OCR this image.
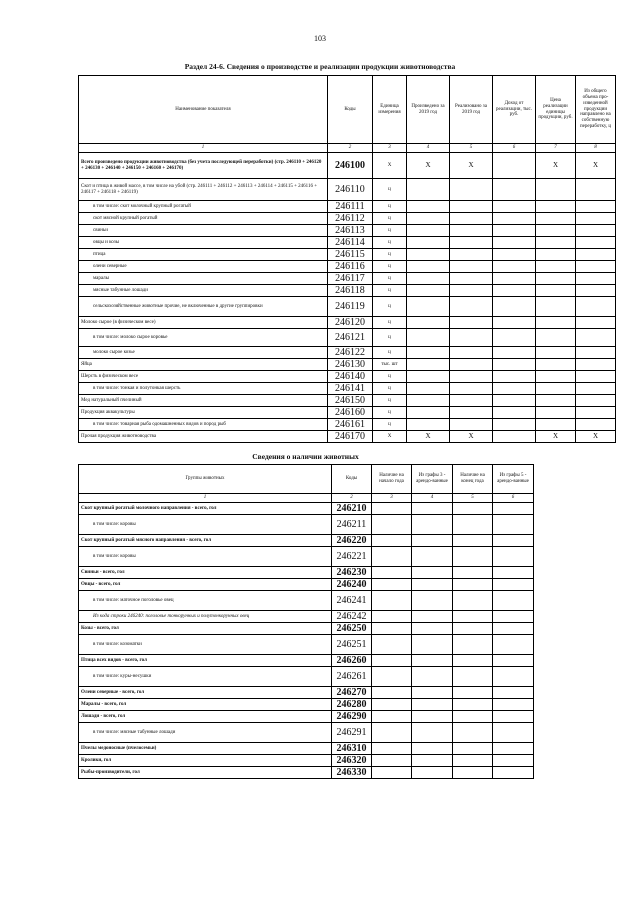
103
Раздел 24-6. Сведения о производстве и реализации продукции животноводства
Наименование показателя	Коды	Единица измерения	Произведено за 2019 год	Реализовано за 2019 год	Доход от реализации, тыс. руб.	Цена реализации единицы продукции, руб.	Из общего объема про-изведенной продукции направлено на собственную переработку, ц
1	2	3	4	5	6	7	8
Всего произведено продукции животноводства (без учета последующей переработки) (стр. 246110 + 246120 + 246130 + 246140 + 246150 + 246160 + 246170)	246100	X	X	X		X	X
Скот и птица в живой массе, в том числе на убой (стр. 246111 + 246112 + 246113 + 246114 + 246115 + 246116 + 246117 + 246118 + 246119)	246110	ц					
в том числе: скот молочный крупный рогатый	246111	ц					
скот мясной крупный рогатый	246112	ц					
свиньи	246113	ц					
овцы и козы	246114	ц					
птица	246115	ц					
олени северные	246116	ц					
маралы	246117	ц					
мясные табунные лошади	246118	ц					
сельскохозяйственные животные прочие, не включенные в другие группировки	246119	ц					
Молоко сырое (в физическом весе)	246120	ц					
в том числе: молоко сырое коровье	246121	ц					
молоко сырое козье	246122	ц					
Яйца	246130	тыс. шт					
Шерсть в физическом весе	246140	ц					
в том числе: тонкая и полутонкая шерсть	246141	ц					
Мед натуральный пчелиный	246150	ц					
Продукция аквакультуры	246160	ц					
в том числе: товарная рыба одомашненных видов и пород рыб	246161	ц					
Прочая продукция животноводства	246170	X	X	X		X	X
Сведения о наличии животных
Группы животных	Коды	Наличие на начало года	Из графы 3 - арендо-ванные	Наличие на конец года	Из графы 5 - арендо-ванные
1	2	3	4	5	6
Скот крупный рогатый молочного направления - всего, гол	246210				
в том числе: коровы	246211				
Скот крупный рогатый мясного направления - всего, гол	246220				
в том числе: коровы	246221				
Свиньи - всего, гол	246230				
Овцы - всего, гол	246240				
в том числе: маточное поголовье овец	246241				
Из кода строки 246240: поголовье тонкорунных и полутонкорунных овец	246242				
Козы - всего, гол	246250				
в том числе: козоматки	246251				
Птица всех видов - всего, гол	246260				
в том числе: куры-несушки	246261				
Олени северные - всего, гол	246270				
Маралы - всего, гол	246280				
Лошади - всего, гол	246290				
в том числе: мясные табунные лошади	246291				
Пчелы медоносные (пчелосемьи)	246310				
Кролики, гол	246320				
Рыбы-производители, гол	246330				
